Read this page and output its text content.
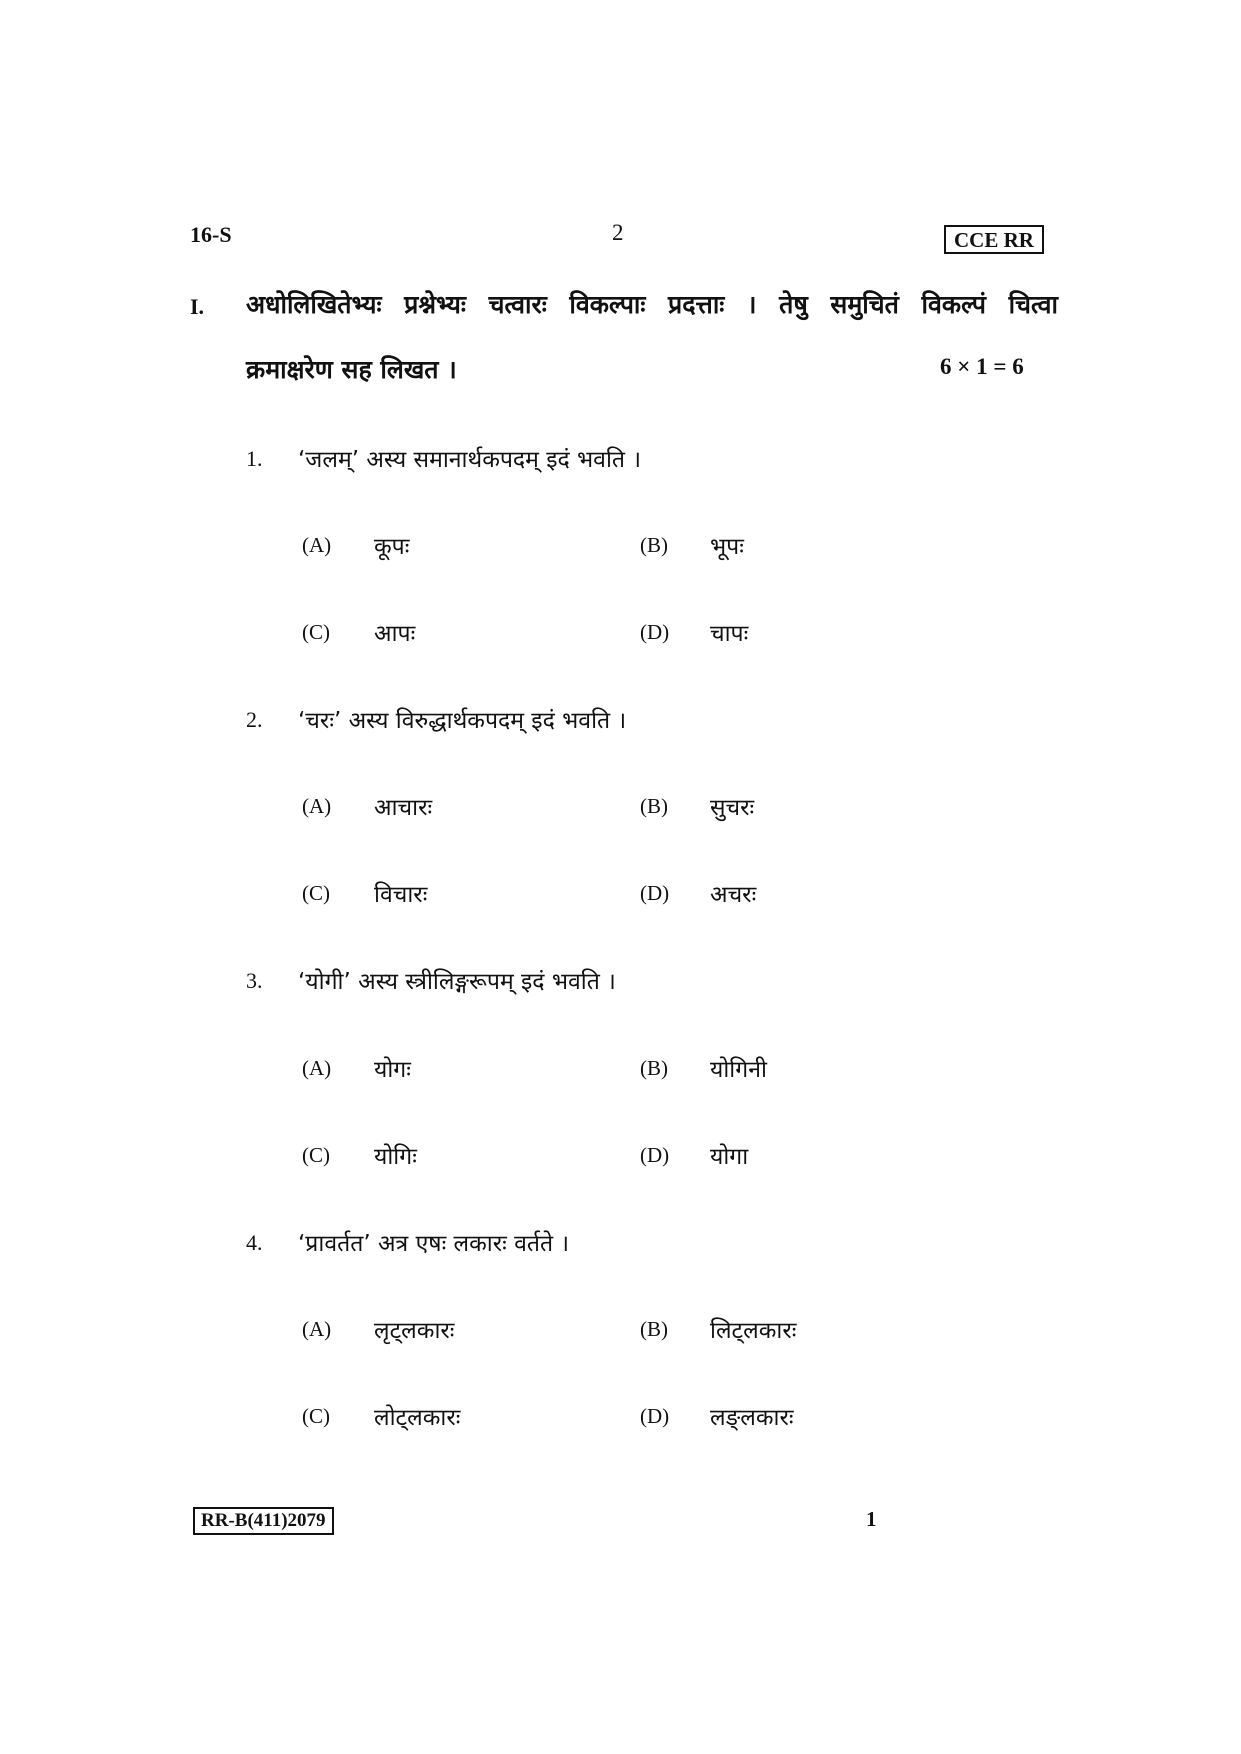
16-S	2	CCE RR
I. अधोलिखितेभ्यः प्रश्नेभ्यः चत्वारः विकल्पाः प्रदत्ताः । तेषु समुचितं विकल्पं चित्वा
क्रमाक्षरेण सह लिखत ।	6 × 1 = 6
1. ‘जलम्’ अस्य समानार्थकपदम् इदं भवति ।
(A) कूपः	(B) भूपः
(C) आपः	(D) चापः
2. ‘चरः’ अस्य विरुद्धार्थकपदम् इदं भवति ।
(A) आचारः	(B) सुचरः
(C) विचारः	(D) अचरः
3. ‘योगी’ अस्य स्त्रीलिङ्गरूपम् इदं भवति ।
(A) योगः	(B) योगिनी
(C) योगिः	(D) योगा
4. ‘प्रावर्तत’ अत्र एषः लकारः वर्तते ।
(A) लृट्लकारः	(B) लिट्लकारः
(C) लोट्लकारः	(D) लङ्लकारः
RR-B(411)2079	1
